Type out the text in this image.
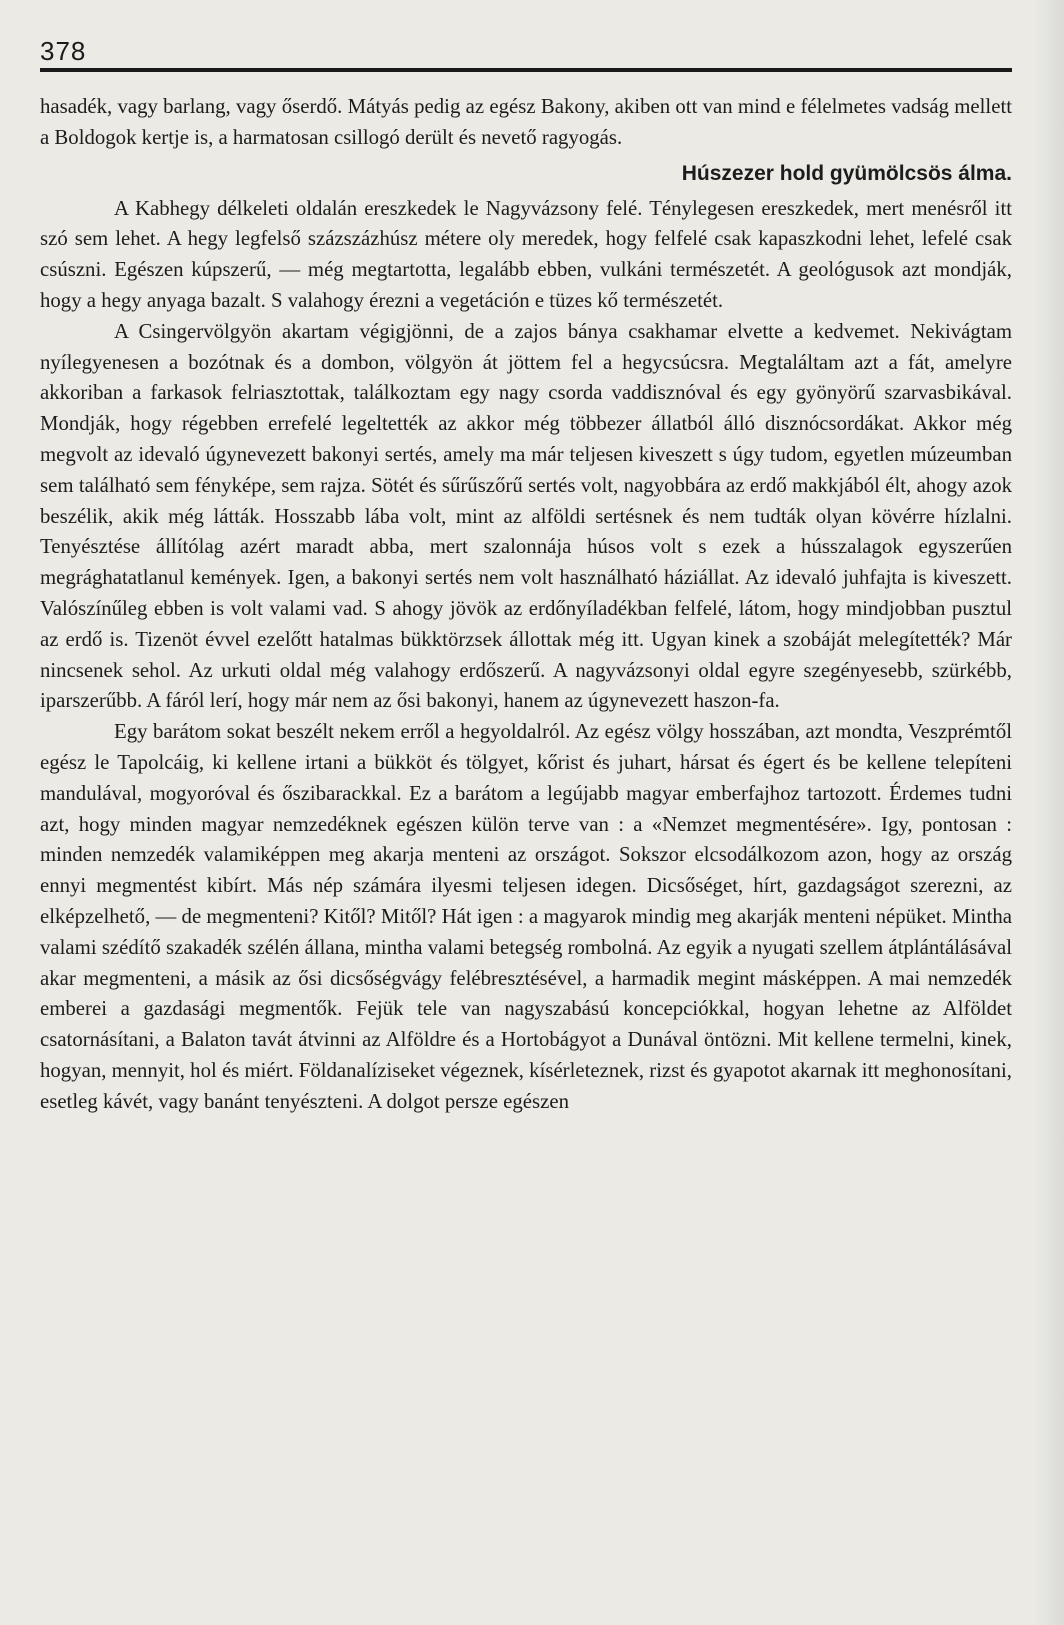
378

hasadék, vagy barlang, vagy őserdő. Mátyás pedig az egész Bakony, akiben ott van mind e félelmetes vadság mellett a Boldogok kertje is, a harmatosan csillogó derült és nevető ragyogás.

Húszezer hold gyümölcsös álma.

A Kabhegy délkeleti oldalán ereszkedek le Nagyvázsony felé. Ténylegesen ereszkedek, mert menésről itt szó sem lehet. A hegy legfelső százszázhúsz métere oly meredek, hogy felfelé csak kapaszkodni lehet, lefelé csak csúszni. Egészen kúpszerű, — még megtartotta, legalább ebben, vulkáni természetét. A geológusok azt mondják, hogy a hegy anyaga bazalt. S valahogy érezni a vegetáción e tüzes kő természetét.

A Csingervölgyön akartam végigjönni, de a zajos bánya csakhamar elvette a kedvemet. Nekivágtam nyílegyenesen a bozótnak és a dombon, völgyön át jöttem fel a hegycsúcsra. Megtaláltam azt a fát, amelyre akkoriban a farkasok felriasztottak, találkoztam egy nagy csorda vaddisznóval és egy gyönyörű szarvasbikával. Mondják, hogy régebben errefelé legeltették az akkor még többezer állatból álló disznócsordákat. Akkor még megvolt az idevaló úgynevezett bakonyi sertés, amely ma már teljesen kiveszett s úgy tudom, egyetlen múzeumban sem található sem fényképe, sem rajza. Sötét és sűrűszőrű sertés volt, nagyobbára az erdő makkjából élt, ahogy azok beszélik, akik még látták. Hosszabb lába volt, mint az alföldi sertésnek és nem tudták olyan kövérre hízlalni. Tenyésztése állítólag azért maradt abba, mert szalonnája húsos volt s ezek a hússzalagok egyszerűen megrághatatlanul kemények. Igen, a bakonyi sertés nem volt használható háziállat. Az idevaló juhfajta is kiveszett. Valószínűleg ebben is volt valami vad. S ahogy jövök az erdőnyíladékban felfelé, látom, hogy mindjobban pusztul az erdő is. Tizenöt évvel ezelőtt hatalmas bükktörzsek állottak még itt. Ugyan kinek a szobáját melegítették? Már nincsenek sehol. Az urkuti oldal még valahogy erdőszerű. A nagyvázsonyi oldal egyre szegényesebb, szürkébb, iparszerűbb. A fáról lerí, hogy már nem az ősi bakonyi, hanem az úgynevezett haszon-fa.

Egy barátom sokat beszélt nekem erről a hegyoldalról. Az egész völgy hosszában, azt mondta, Veszprémtől egész le Tapolcáig, ki kellene irtani a bükköt és tölgyet, kőrist és juhart, hársat és égert és be kellene telepíteni mandulával, mogyoróval és őszibarackkal. Ez a barátom a legújabb magyar emberfajhoz tartozott. Érdemes tudni azt, hogy minden magyar nemzedéknek egészen külön terve van : a «Nemzet megmentésére». Igy, pontosan : minden nemzedék valamiképpen meg akarja menteni az országot. Sokszor elcsodálkozom azon, hogy az ország ennyi megmentést kibírt. Más nép számára ilyesmi teljesen idegen. Dicsőséget, hírt, gazdagságot szerezni, az elképzelhető, — de megmenteni? Kitől? Mitől? Hát igen : a magyarok mindig meg akarják menteni népüket. Mintha valami szédítő szakadék szélén állana, mintha valami betegség rombolná. Az egyik a nyugati szellem átplántálásával akar megmenteni, a másik az ősi dicsőségvágy felébresztésével, a harmadik megint másképpen. A mai nemzedék emberei a gazdasági megmentők. Fejük tele van nagyszabású koncepciókkal, hogyan lehetne az Alföldet csatornásítani, a Balaton tavát átvinni az Alföldre és a Hortobágyot a Dunával öntözni. Mit kellene termelni, kinek, hogyan, mennyit, hol és miért. Földanalíziseket végeznek, kísérleteznek, rizst és gyapotot akarnak itt meghonosítani, esetleg kávét, vagy banánt tenyészteni. A dolgot persze egészen
